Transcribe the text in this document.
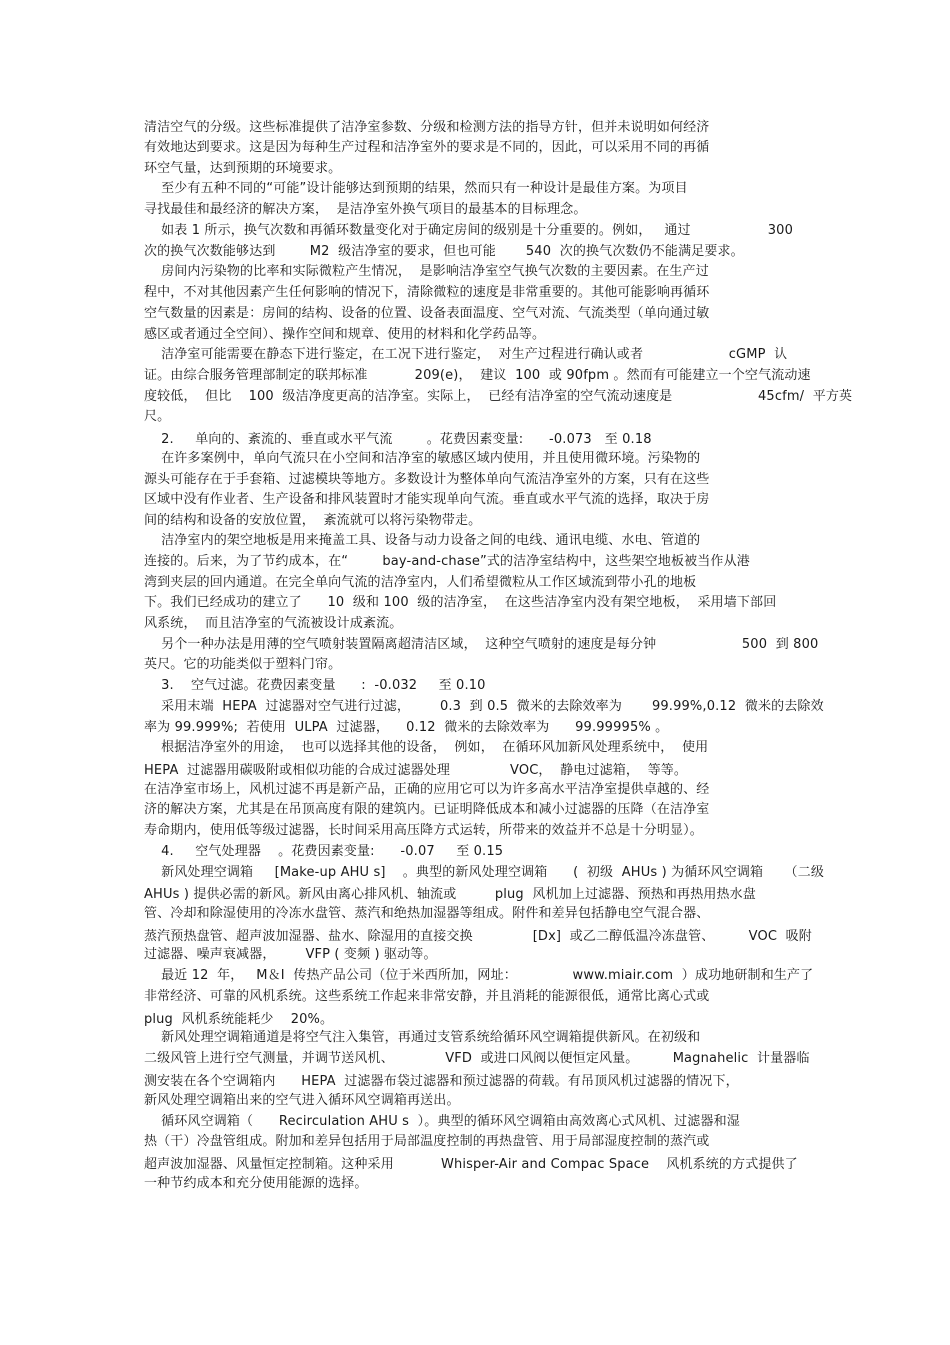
清洁空气的分级。这些标准提供了洁净室参数、分级和检测方法的指导方针，但并未说明如何经济
有效地达到要求。这是因为每种生产过程和洁净室外的要求是不同的，因此，可以采用不同的再循
环空气量，达到预期的环境要求。
至少有五种不同的“可能”设计能够达到预期的结果，然而只有一种设计是最佳方案。为项目
寻找最佳和最经济的解决方案，  是洁净室外换气项目的最基本的目标理念。
如表 1 所示，换气次数和再循环数量变化对于确定房间的级别是十分重要的。例如，   通过                  300
次的换气次数能够达到        M2  级洁净室的要求，但也可能       540  次的换气次数仍不能满足要求。
房间内污染物的比率和实际微粒产生情况，  是影响洁净室空气换气次数的主要因素。在生产过
程中，不对其他因素产生任何影响的情况下，清除微粒的速度是非常重要的。其他可能影响再循环
空气数量的因素是：房间的结构、设备的位置、设备表面温度、空气对流、气流类型（单向通过敏
感区或者通过全空间）、操作空间和规章、使用的材料和化学药品等。
洁净室可能需要在静态下进行鉴定，在工况下进行鉴定，  对生产过程进行确认或者                    cGMP  认
证。由综合服务管理部制定的联邦标准           209(e)，  建议  100  或 90fpm 。然而有可能建立一个空气流动速
度较低，  但比    100  级洁净度更高的洁净室。实际上，  已经有洁净室的空气流动速度是                    45cfm/  平方英
尺。
2.     单向的、紊流的、垂直或水平气流        。花费因素变量:      -0.073   至 0.18
在许多案例中，单向气流只在小空间和洁净室的敏感区域内使用，并且使用微环境。污染物的
源头可能存在于手套箱、过滤模块等地方。多数设计为整体单向气流洁净室外的方案，只有在这些
区域中没有作业者、生产设备和排风装置时才能实现单向气流。垂直或水平气流的选择，取决于房
间的结构和设备的安放位置，  紊流就可以将污染物带走。
洁净室内的架空地板是用来掩盖工具、设备与动力设备之间的电线、通讯电缆、水电、管道的
连接的。后来，为了节约成本，在“        bay-and-chase”式的洁净室结构中，这些架空地板被当作从港
湾到夹层的回内通道。在完全单向气流的洁净室内，人们希望微粒从工作区域流到带小孔的地板
下。我们已经成功的建立了      10  级和 100  级的洁净室，  在这些洁净室内没有架空地板，  采用墙下部回
风系统，  而且洁净室的气流被设计成紊流。
另个一种办法是用薄的空气喷射装置隔离超清洁区域，  这种空气喷射的速度是每分钟                    500  到 800
英尺。它的功能类似于塑料门帘。
3.    空气过滤。花费因素变量      :  -0.032     至 0.10
采用末端  HEPA  过滤器对空气进行过滤，       0.3  到 0.5  微米的去除效率为       99.99%,0.12  微米的去除效
率为 99.999%;  若使用  ULPA  过滤器，    0.12  微米的去除效率为      99.99995% 。
根据洁净室外的用途，  也可以选择其他的设备，  例如，  在循环风加新风处理系统中，  使用
HEPA  过滤器用碳吸附或相似功能的合成过滤器处理              VOC，  静电过滤箱，  等等。
在洁净室市场上，风机过滤不再是新产品，正确的应用它可以为许多高水平洁净室提供卓越的、经
济的解决方案，尤其是在吊顶高度有限的建筑内。已证明降低成本和减小过滤器的压降（在洁净室
寿命期内，使用低等级过滤器，长时间采用高压降方式运转，所带来的效益并不总是十分明显）。
4.     空气处理器    。花费因素变量:      -0.07     至 0.15
新风处理空调箱     [Make-up AHU s]    。典型的新风处理空调箱      (  初级  AHUs ) 为循环风空调箱     （二级
AHUs ) 提供必需的新风。新风由离心排风机、轴流或         plug  风机加上过滤器、预热和再热用热水盘
管、冷却和除湿使用的冷冻水盘管、蒸汽和绝热加湿器等组成。附件和差异包括静电空气混合器、
蒸汽预热盘管、超声波加湿器、盐水、除湿用的直接交换              [Dx]  或乙二醇低温冷冻盘管、        VOC  吸附
过滤器、噪声衰减器，       VFP ( 变频 ) 驱动等。
最近 12  年，   M＆I  传热产品公司（位于米西所加，网址：             www.miair.com  ）成功地研制和生产了
非常经济、可靠的风机系统。这些系统工作起来非常安静，并且消耗的能源很低，通常比离心式或
plug  风机系统能耗少    20%。
新风处理空调箱通道是将空气注入集管，再通过支管系统给循环风空调箱提供新风。在初级和
二级风管上进行空气测量，并调节送风机、            VFD  或进口风阀以便恒定风量。        Magnahelic  计量器临
测安装在各个空调箱内      HEPA  过滤器布袋过滤器和预过滤器的荷载。有吊顶风机过滤器的情况下，
新风处理空调箱出来的空气进入循环风空调箱再送出。
循环风空调箱（      Recirculation AHU s  ）。典型的循环风空调箱由高效离心式风机、过滤器和湿
热（干）冷盘管组成。附加和差异包括用于局部温度控制的再热盘管、用于局部湿度控制的蒸汽或
超声波加湿器、风量恒定控制箱。这种采用           Whisper-Air and Compac Space    风机系统的方式提供了
一种节约成本和充分使用能源的选择。
